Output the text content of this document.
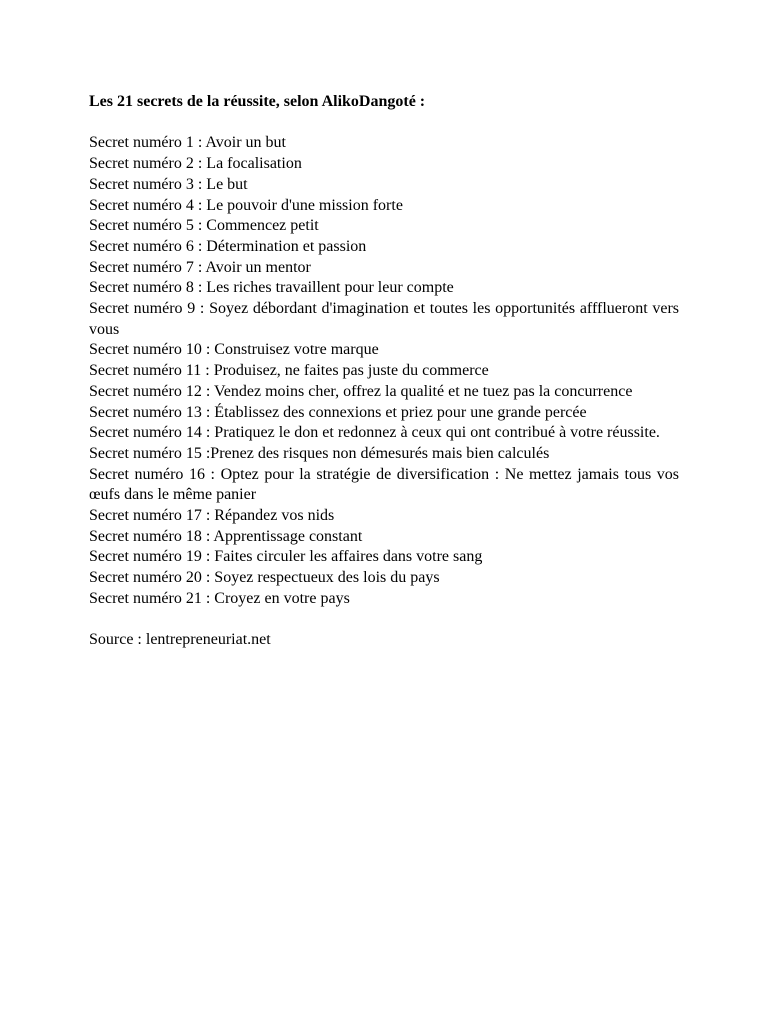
Les 21 secrets de la réussite, selon AlikoDangoté :

Secret numéro 1 : Avoir un but
Secret numéro 2 : La focalisation
Secret numéro 3 : Le but
Secret numéro 4 : Le pouvoir d'une mission forte
Secret numéro 5 : Commencez petit
Secret numéro 6 : Détermination et passion
Secret numéro 7 : Avoir un mentor
Secret numéro 8 : Les riches travaillent pour leur compte
Secret numéro 9 : Soyez débordant d'imagination et toutes les opportunités affflueront vers vous
Secret numéro 10 : Construisez votre marque
Secret numéro 11 : Produisez, ne faites pas juste du commerce
Secret numéro 12 : Vendez moins cher, offrez la qualité et ne tuez pas la concurrence
Secret numéro 13 : Établissez des connexions et priez pour une grande percée
Secret numéro 14 : Pratiquez le don et redonnez à ceux qui ont contribué à votre réussite.
Secret numéro 15 :Prenez des risques non démesurés mais bien calculés
Secret numéro 16 : Optez pour la stratégie de diversification : Ne mettez jamais tous vos œufs dans le même panier
Secret numéro 17 : Répandez vos nids
Secret numéro 18 : Apprentissage constant
Secret numéro 19 : Faites circuler les affaires dans votre sang
Secret numéro 20 : Soyez respectueux des lois du pays
Secret numéro 21 : Croyez en votre pays

Source : lentrepreneuriat.net
